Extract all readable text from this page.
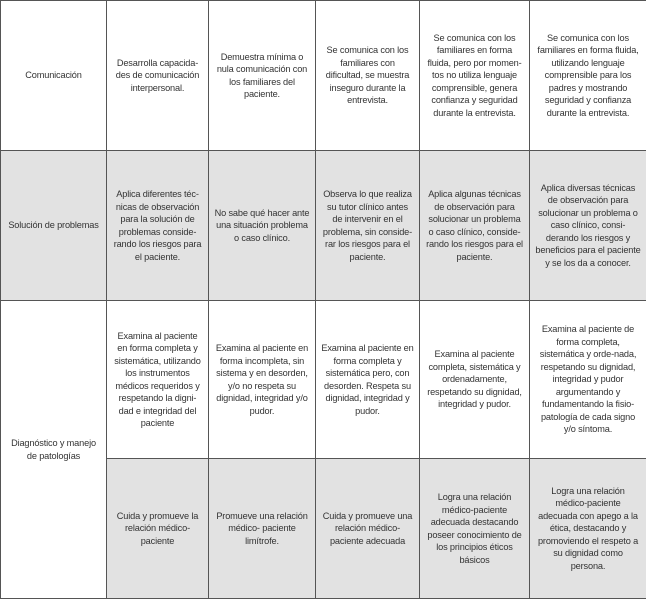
Comunicación	Desarrolla capacida-des de comunicación interpersonal.	Demuestra mínima o nula comunicación con los familiares del paciente.	Se comunica con los familiares con dificultad, se muestra inseguro durante la entrevista.	Se comunica con los familiares en forma fluida, pero por momen-tos no utiliza lenguaje comprensible, genera confianza y seguridad durante la entrevista.	Se comunica con los familiares en forma fluida, utilizando lenguaje comprensible para los padres y mostrando seguridad y confianza durante la entrevista.
Solución de problemas	Aplica diferentes téc-nicas de observación para la solución de problemas conside-rando los riesgos para el paciente.	No sabe qué hacer ante una situación problema o caso clínico.	Observa lo que realiza su tutor clínico antes de intervenir en el problema, sin conside-rar los riesgos para el paciente.	Aplica algunas técnicas de observación para solucionar un problema o caso clínico, conside-rando los riesgos para el paciente.	Aplica diversas técnicas de observación para solucionar un problema o caso clínico, consi-derando los riesgos y beneficios para el paciente y se los da a conocer.
Diagnóstico y manejo de patologías	Examina al paciente en forma completa y sistemática, utilizando los instrumentos médicos requeridos y respetando la digni-dad e integridad del paciente	Examina al paciente en forma incompleta, sin sistema y en desorden, y/o no respeta su dignidad, integridad y/o pudor.	Examina al paciente en forma completa y sistemática pero, con desorden. Respeta su dignidad, integridad y pudor.	Examina al paciente completa, sistemática y ordenadamente, respetando su dignidad, integridad y pudor.	Examina al paciente de forma completa, sistemática y orde-nada, respetando su dignidad, integridad y pudor argumentando y fundamentando la fisio-patología de cada signo y/o síntoma.
	Cuida y promueve la relación médico-paciente	Promueve una relación médico- paciente limítrofe.	Cuida y promueve una relación médico-paciente adecuada	Logra una relación médico-paciente adecuada destacando poseer conocimiento de los principios éticos básicos	Logra una relación médico-paciente adecuada con apego a la ética, destacando y promoviendo el respeto a su dignidad como persona.
